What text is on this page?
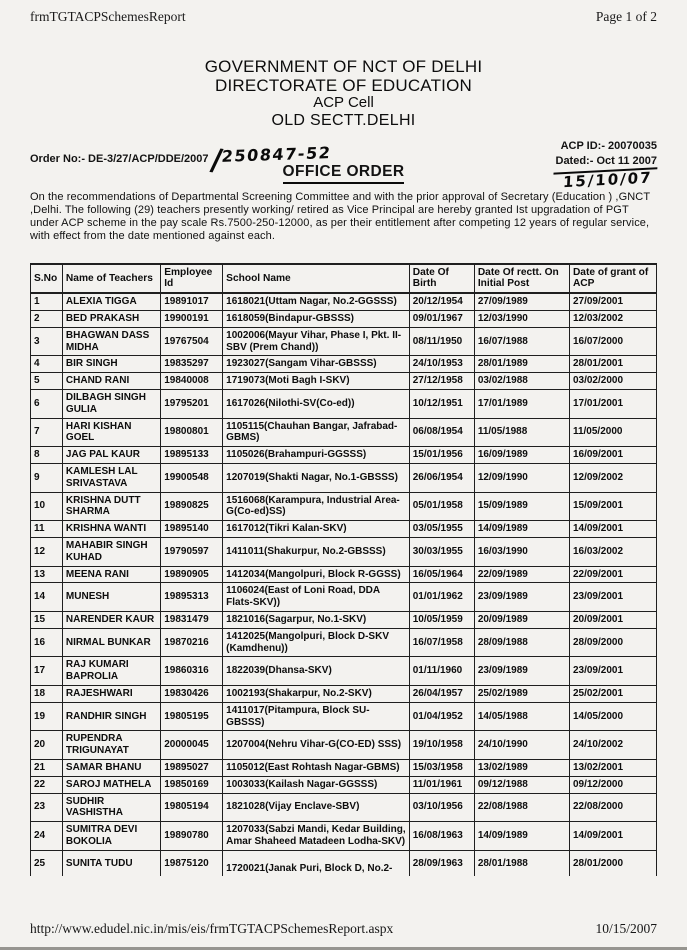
frmTGTACPSchemesReport	Page 1 of 2
GOVERNMENT OF NCT OF DELHI
DIRECTORATE OF EDUCATION
ACP Cell
OLD SECTT.DELHI
Order No:- DE-3/27/ACP/DDE/2007/250847-52	ACP ID:- 20070035
Dated:- Oct 11 2007
15/10/07
OFFICE ORDER
On the recommendations of Departmental Screening Committee and with the prior approval of Secretary (Education ) ,GNCT ,Delhi. The following (29) teachers presently working/ retired as Vice Principal are hereby granted Ist upgradation of PGT under ACP scheme in the pay scale Rs.7500-250-12000, as per their entitlement after competing 12 years of regular service, with effect from the date mentioned against each.
S.No	Name of Teachers	Employee Id	School Name	Date Of Birth	Date Of rectt. On Initial Post	Date of grant of ACP
1	ALEXIA TIGGA	19891017	1618021(Uttam Nagar, No.2-GGSSS)	20/12/1954	27/09/1989	27/09/2001
2	BED PRAKASH	19900191	1618059(Bindapur-GBSSS)	09/01/1967	12/03/1990	12/03/2002
3	BHAGWAN DASS MIDHA	19767504	1002006(Mayur Vihar, Phase I, Pkt. II-SBV (Prem Chand))	08/11/1950	16/07/1988	16/07/2000
4	BIR SINGH	19835297	1923027(Sangam Vihar-GBSSS)	24/10/1953	28/01/1989	28/01/2001
5	CHAND RANI	19840008	1719073(Moti Bagh I-SKV)	27/12/1958	03/02/1988	03/02/2000
6	DILBAGH SINGH GULIA	19795201	1617026(Nilothi-SV(Co-ed))	10/12/1951	17/01/1989	17/01/2001
7	HARI KISHAN GOEL	19800801	1105115(Chauhan Bangar, Jafrabad-GBMS)	06/08/1954	11/05/1988	11/05/2000
8	JAG PAL KAUR	19895133	1105026(Brahampuri-GGSSS)	15/01/1956	16/09/1989	16/09/2001
9	KAMLESH LAL SRIVASTAVA	19900548	1207019(Shakti Nagar, No.1-GBSSS)	26/06/1954	12/09/1990	12/09/2002
10	KRISHNA DUTT SHARMA	19890825	1516068(Karampura, Industrial Area-G(Co-ed)SS)	05/01/1958	15/09/1989	15/09/2001
11	KRISHNA WANTI	19895140	1617012(Tikri Kalan-SKV)	03/05/1955	14/09/1989	14/09/2001
12	MAHABIR SINGH KUHAD	19790597	1411011(Shakurpur, No.2-GBSSS)	30/03/1955	16/03/1990	16/03/2002
13	MEENA RANI	19890905	1412034(Mangolpuri, Block R-GGSS)	16/05/1964	22/09/1989	22/09/2001
14	MUNESH	19895313	1106024(East of Loni Road, DDA Flats-SKV))	01/01/1962	23/09/1989	23/09/2001
15	NARENDER KAUR	19831479	1821016(Sagarpur, No.1-SKV)	10/05/1959	20/09/1989	20/09/2001
16	NIRMAL BUNKAR	19870216	1412025(Mangolpuri, Block D-SKV (Kamdhenu))	16/07/1958	28/09/1988	28/09/2000
17	RAJ KUMARI BAPROLIA	19860316	1822039(Dhansa-SKV)	01/11/1960	23/09/1989	23/09/2001
18	RAJESHWARI	19830426	1002193(Shakarpur, No.2-SKV)	26/04/1957	25/02/1989	25/02/2001
19	RANDHIR SINGH	19805195	1411017(Pitampura, Block SU-GBSSS)	01/04/1952	14/05/1988	14/05/2000
20	RUPENDRA TRIGUNAYAT	20000045	1207004(Nehru Vihar-G(CO-ED) SSS)	19/10/1958	24/10/1990	24/10/2002
21	SAMAR BHANU	19895027	1105012(East Rohtash Nagar-GBMS)	15/03/1958	13/02/1989	13/02/2001
22	SAROJ MATHELA	19850169	1003033(Kailash Nagar-GGSSS)	11/01/1961	09/12/1988	09/12/2000
23	SUDHIR VASHISTHA	19805194	1821028(Vijay Enclave-SBV)	03/10/1956	22/08/1988	22/08/2000
24	SUMITRA DEVI BOKOLIA	19890780	1207033(Sabzi Mandi, Kedar Building, Amar Shaheed Matadeen Lodha-SKV)	16/08/1963	14/09/1989	14/09/2001
25	SUNITA TUDU	19875120	1720021(Janak Puri, Block D, No.2-	28/09/1963	28/01/1988	28/01/2000
http://www.edudel.nic.in/mis/eis/frmTGTACPSchemesReport.aspx	10/15/2007
